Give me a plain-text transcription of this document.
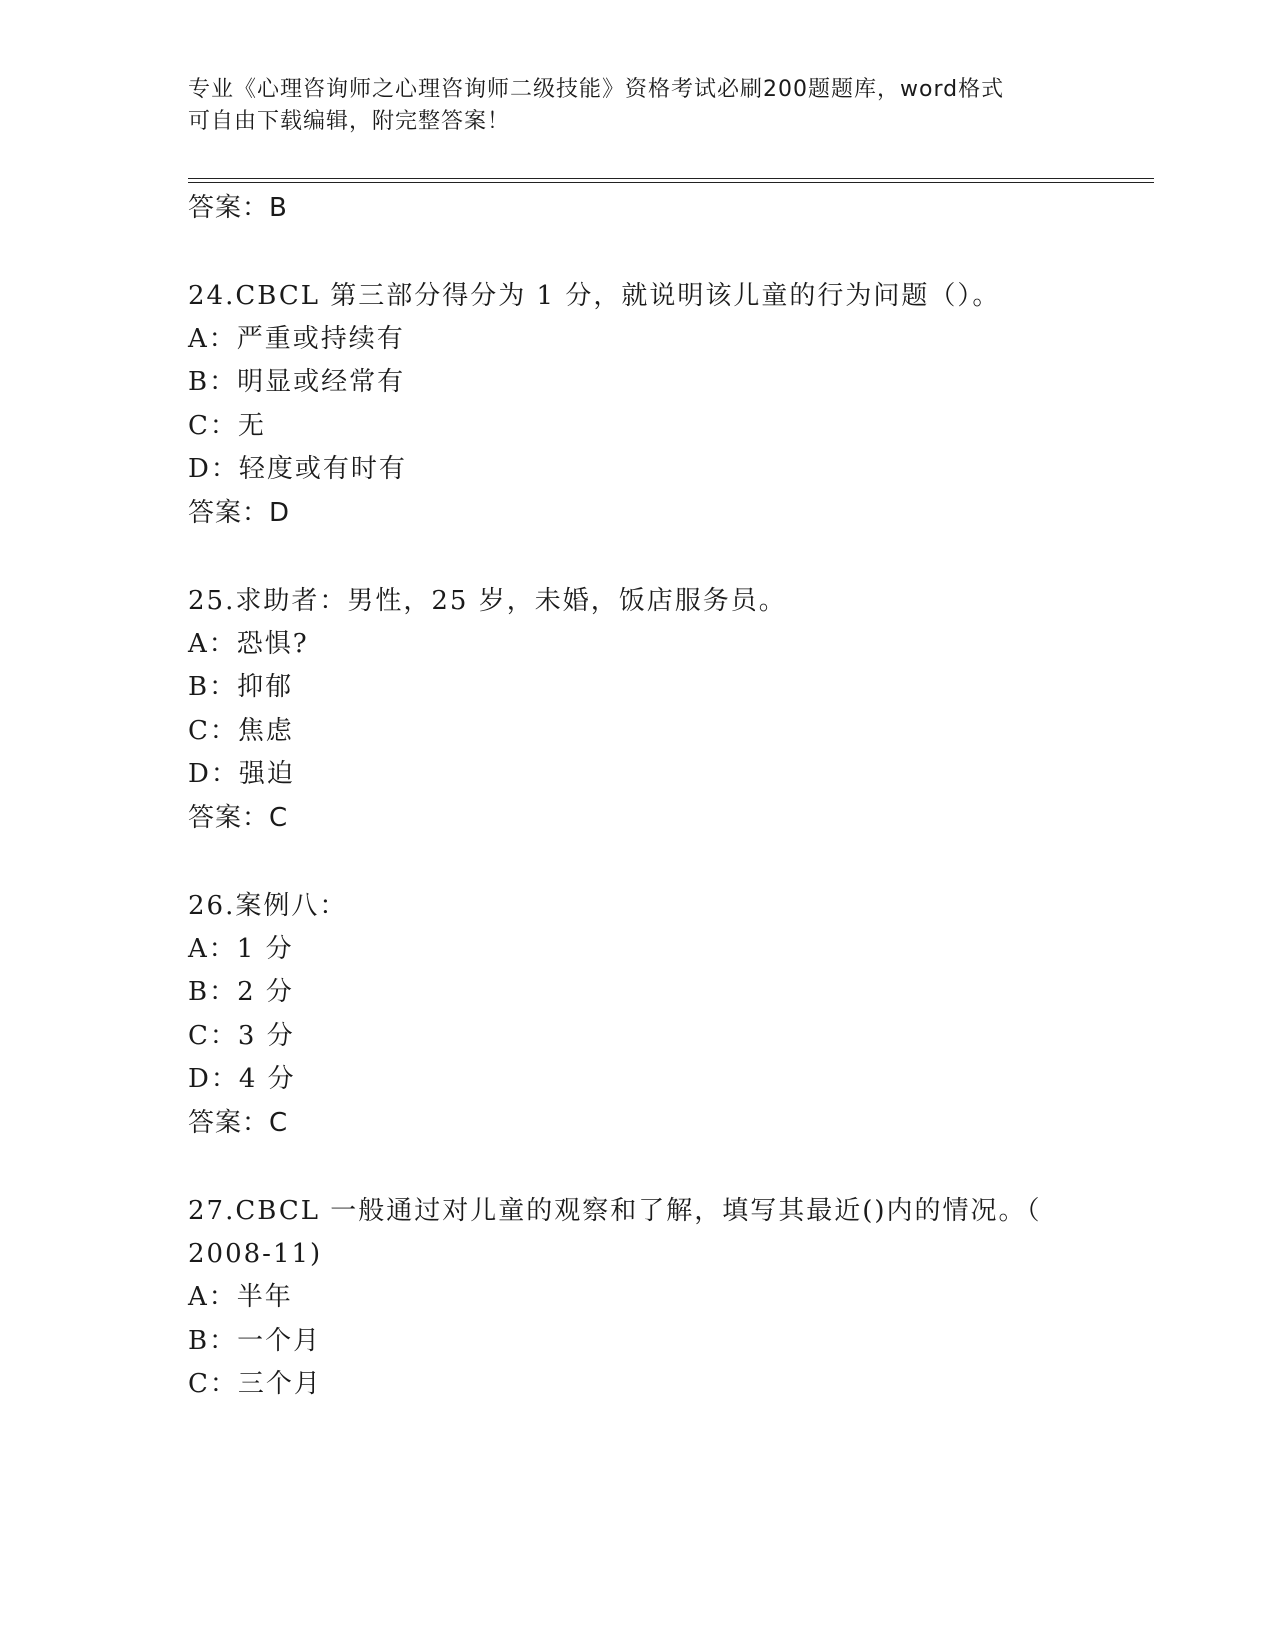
专业《心理咨询师之心理咨询师二级技能》资格考试必刷200题题库，word格式
可自由下载编辑，附完整答案！
答案：B
24.CBCL 第三部分得分为 1 分，就说明该儿童的行为问题（）。
A：严重或持续有
B：明显或经常有
C：无
D：轻度或有时有
答案：D
25.求助者：男性，25 岁，未婚，饭店服务员。
A：恐惧?
B：抑郁
C：焦虑
D：强迫
答案：C
26.案例八：
A：1 分
B：2 分
C：3 分
D：4 分
答案：C
27.CBCL 一般通过对儿童的观察和了解，填写其最近()内的情况。（
2008-11)
A：半年
B：一个月
C：三个月
